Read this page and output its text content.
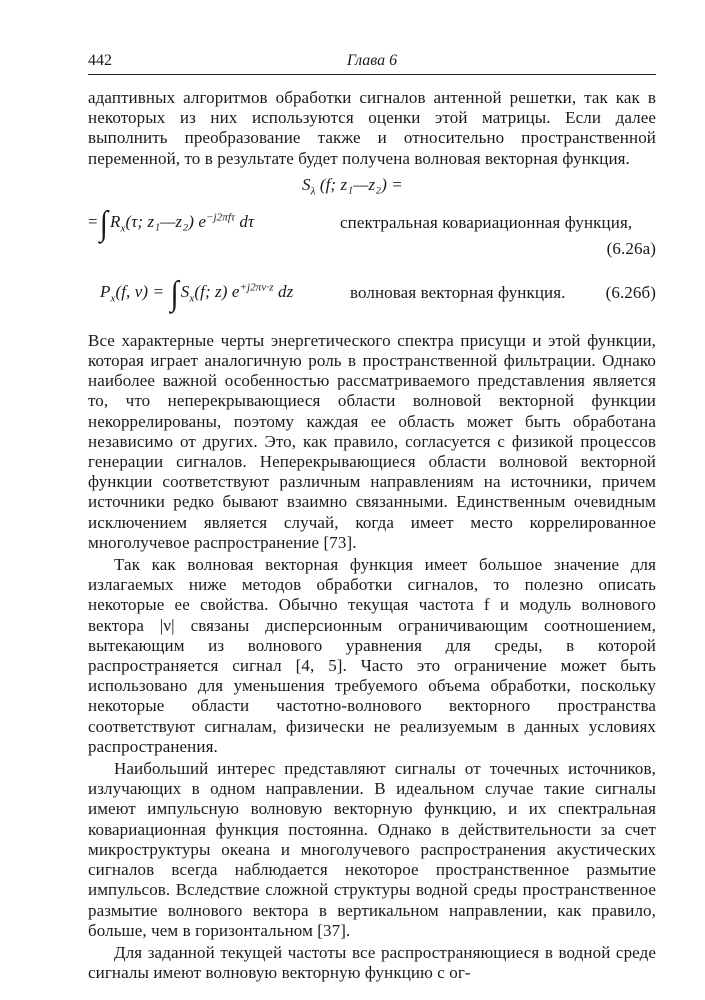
442	Глава 6

адаптивных алгоритмов обработки сигналов антенной решетки, так как в некоторых из них используются оценки этой матрицы. Если далее выполнить преобразование также и относительно пространственной переменной, то в результате будет получена волновая векторная функция.

$S_\lambda$ (f; z₁—z₂) =
=∫ $R_x(\tau$; z₁—z₂) $e^{-j2\pi f\tau}$ dτ	спектральная ковариационная функция,
(6.26а)
$P_x(f$, ν) = ∫ $S_x(f$; z) $e^{+j2\pi\nu\cdot z}$ dz	волновая векторная функция. (6.26б)

Все характерные черты энергетического спектра присущи и этой функции, которая играет аналогичную роль в пространственной фильтрации. Однако наиболее важной особенностью рассматриваемого представления является то, что неперекрывающиеся области волновой векторной функции некоррелированы, поэтому каждая ее область может быть обработана независимо от других. Это, как правило, согласуется с физикой процессов генерации сигналов. Неперекрывающиеся области волновой векторной функции соответствуют различным направлениям на источники, причем источники редко бывают взаимно связанными. Единственным очевидным исключением является случай, когда имеет место коррелированное многолучевое распространение [73].

Так как волновая векторная функция имеет большое значение для излагаемых ниже методов обработки сигналов, то полезно описать некоторые ее свойства. Обычно текущая частота f и модуль волнового вектора |ν| связаны дисперсионным ограничивающим соотношением, вытекающим из волнового уравнения для среды, в которой распространяется сигнал [4, 5]. Часто это ограничение может быть использовано для уменьшения требуемого объема обработки, поскольку некоторые области частотно-волнового векторного пространства соответствуют сигналам, физически не реализуемым в данных условиях распространения.

Наибольший интерес представляют сигналы от точечных источников, излучающих в одном направлении. В идеальном случае такие сигналы имеют импульсную волновую векторную функцию, и их спектральная ковариационная функция постоянна. Однако в действительности за счет микроструктуры океана и многолучевого распространения акустических сигналов всегда наблюдается некоторое пространственное размытие импульсов. Вследствие сложной структуры водной среды пространственное размытие волнового вектора в вертикальном направлении, как правило, больше, чем в горизонтальном [37].

Для заданной текущей частоты все распространяющиеся в водной среде сигналы имеют волновую векторную функцию с ог-
